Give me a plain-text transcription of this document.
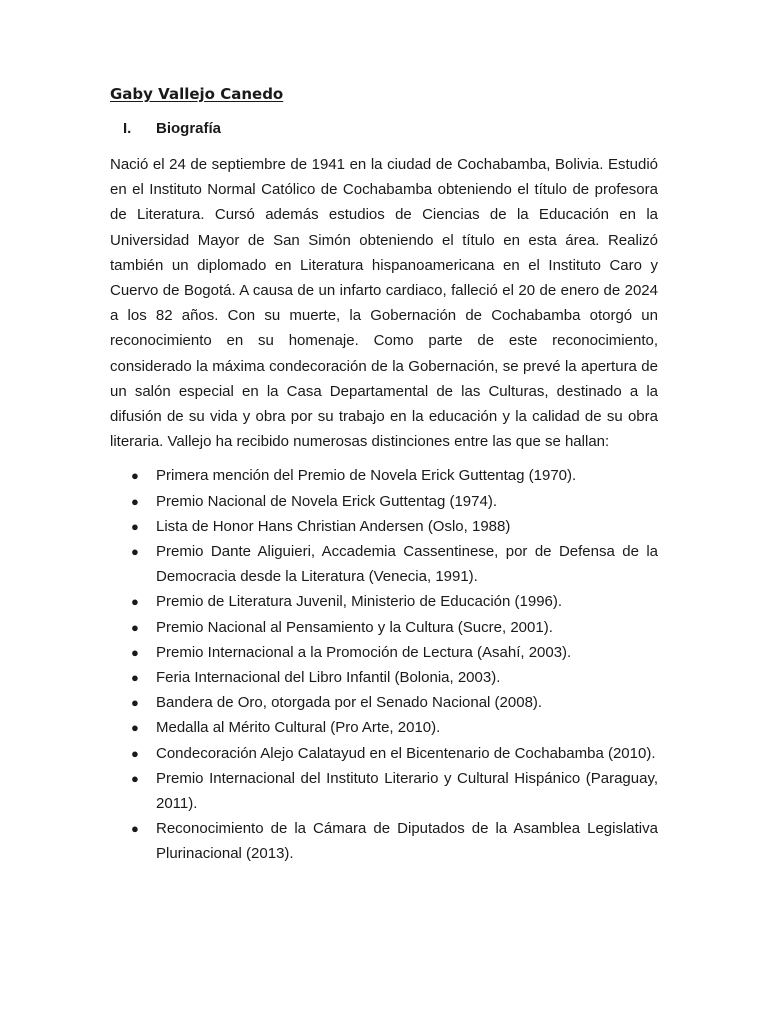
Gaby Vallejo Canedo
I.	Biografía

Nació el 24 de septiembre de 1941 en la ciudad de Cochabamba, Bolivia. Estudió en el Instituto Normal Católico de Cochabamba obteniendo el título de profesora de Literatura. Cursó además estudios de Ciencias de la Educación en la Universidad Mayor de San Simón obteniendo el título en esta área. Realizó también un diplomado en Literatura hispanoamericana en el Instituto Caro y Cuervo de Bogotá. A causa de un infarto cardiaco, falleció el 20 de enero de 2024 a los 82 años. Con su muerte, la Gobernación de Cochabamba otorgó un reconocimiento en su homenaje. Como parte de este reconocimiento, considerado la máxima condecoración de la Gobernación, se prevé la apertura de un salón especial en la Casa Departamental de las Culturas, destinado a la difusión de su vida y obra por su trabajo en la educación y la calidad de su obra literaria. Vallejo ha recibido numerosas distinciones entre las que se hallan:

● Primera mención del Premio de Novela Erick Guttentag (1970).
● Premio Nacional de Novela Erick Guttentag (1974).
● Lista de Honor Hans Christian Andersen (Oslo, 1988)
● Premio Dante Aliguieri, Accademia Cassentinese, por de Defensa de la Democracia desde la Literatura (Venecia, 1991).
● Premio de Literatura Juvenil, Ministerio de Educación (1996).
● Premio Nacional al Pensamiento y la Cultura (Sucre, 2001).
● Premio Internacional a la Promoción de Lectura (Asahí, 2003).
● Feria Internacional del Libro Infantil (Bolonia, 2003).
● Bandera de Oro, otorgada por el Senado Nacional (2008).
● Medalla al Mérito Cultural (Pro Arte, 2010).
● Condecoración Alejo Calatayud en el Bicentenario de Cochabamba (2010).
● Premio Internacional del Instituto Literario y Cultural Hispánico (Paraguay, 2011).
● Reconocimiento de la Cámara de Diputados de la Asamblea Legislativa Plurinacional (2013).
